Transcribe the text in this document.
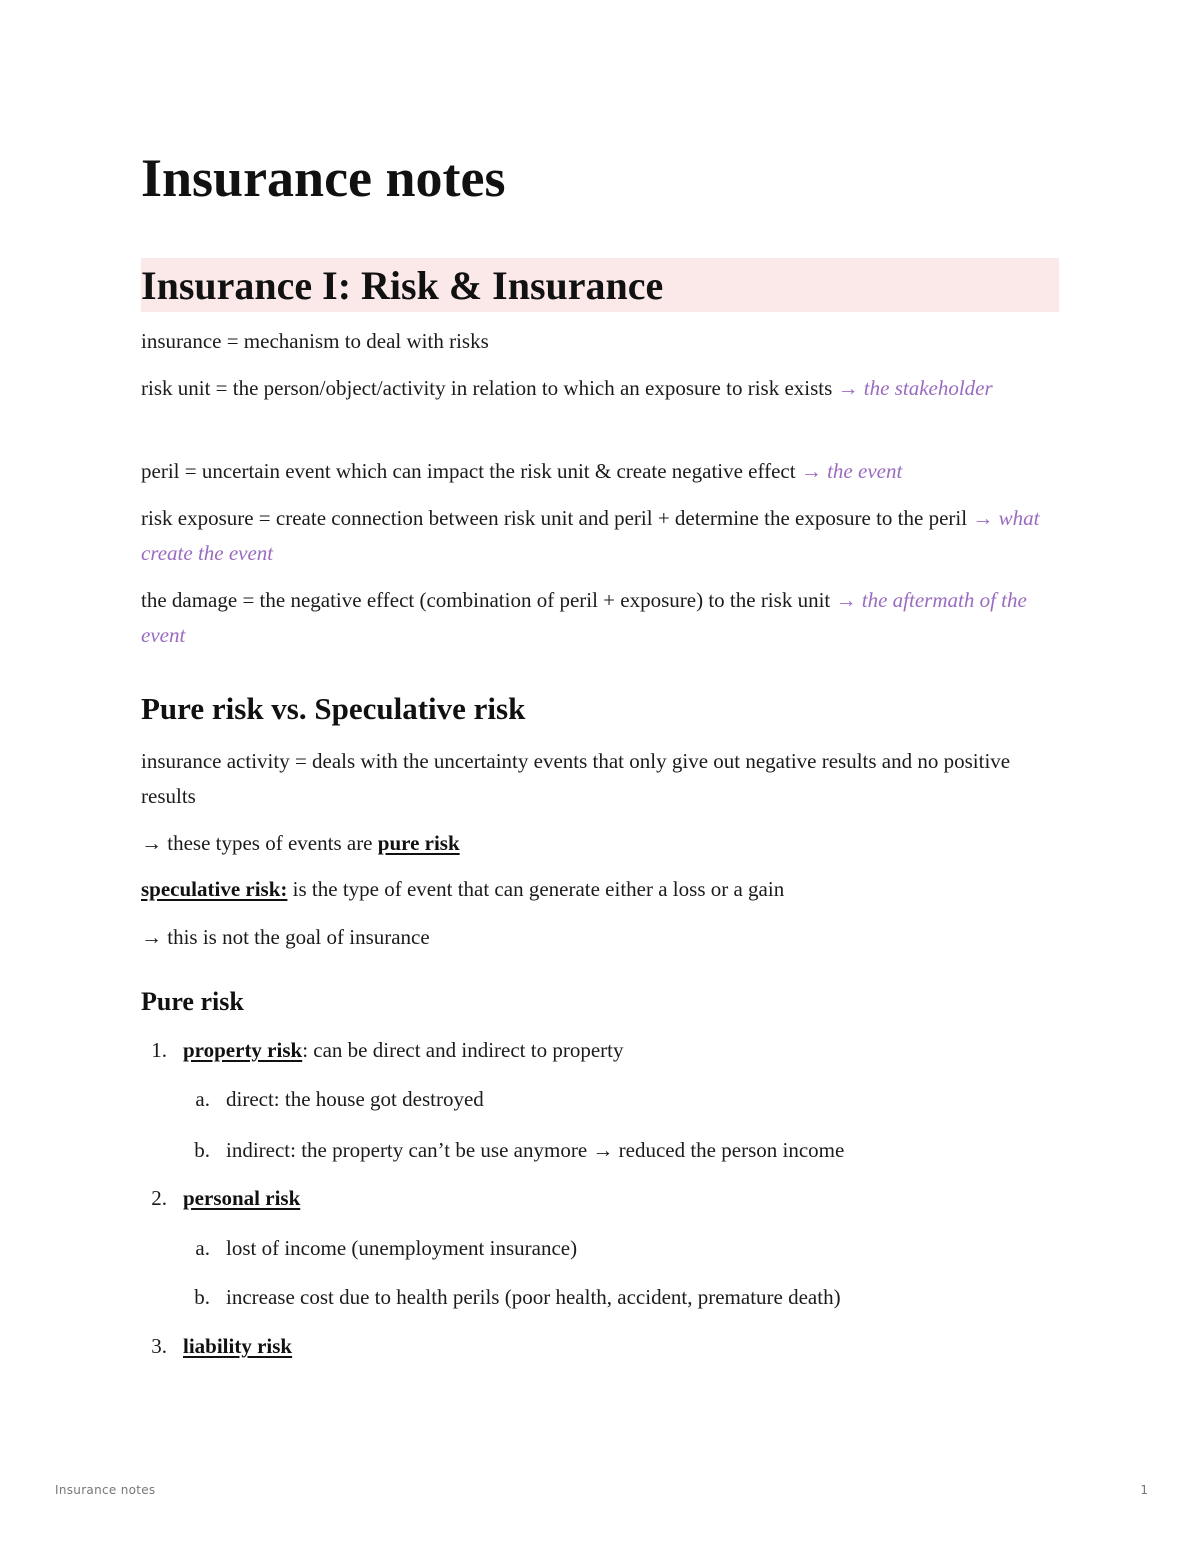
Insurance notes
Insurance I: Risk & Insurance

insurance = mechanism to deal with risks

risk unit = the person/object/activity in relation to which an exposure to risk exists → the stakeholder

peril = uncertain event which can impact the risk unit & create negative effect → the event

risk exposure = create connection between risk unit and peril + determine the exposure to the peril → what create the event

the damage = the negative effect (combination of peril + exposure) to the risk unit → the aftermath of the event

Pure risk vs. Speculative risk

insurance activity = deals with the uncertainty events that only give out negative results and no positive results

→ these types of events are pure risk

speculative risk: is the type of event that can generate either a loss or a gain

→ this is not the goal of insurance

Pure risk

1. property risk: can be direct and indirect to property

a. direct: the house got destroyed

b. indirect: the property can’t be use anymore → reduced the person income

2. personal risk

a. lost of income (unemployment insurance)

b. increase cost due to health perils (poor health, accident, premature death)

3. liability risk

Insurance notes	1
